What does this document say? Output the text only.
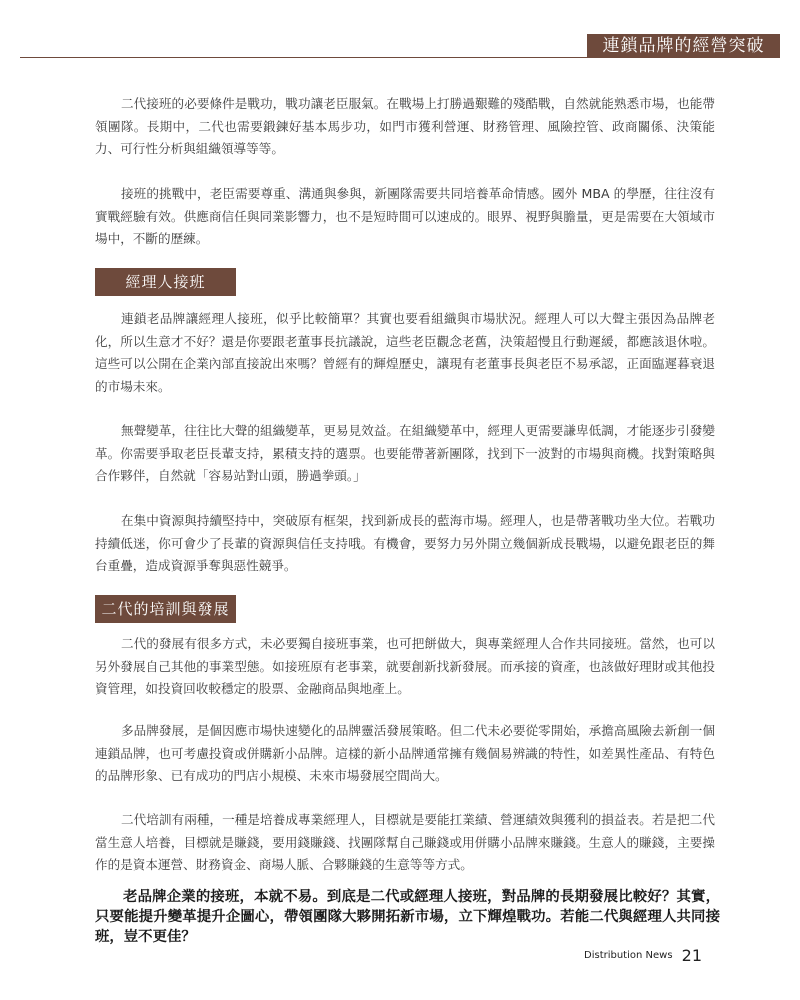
連鎖品牌的經營突破

二代接班的必要條件是戰功，戰功讓老臣服氣。在戰場上打勝過艱難的殘酷戰，自然就能熟悉市場，也能帶領團隊。長期中，二代也需要鍛鍊好基本馬步功，如門市獲利營運、財務管理、風險控管、政商關係、決策能力、可行性分析與組織領導等等。

接班的挑戰中，老臣需要尊重、溝通與參與，新團隊需要共同培養革命情感。國外 MBA 的學歷，往往沒有實戰經驗有效。供應商信任與同業影響力，也不是短時間可以速成的。眼界、視野與膽量，更是需要在大領域市場中，不斷的歷練。

經理人接班

連鎖老品牌讓經理人接班，似乎比較簡單？其實也要看組織與市場狀況。經理人可以大聲主張因為品牌老化，所以生意才不好？還是你要跟老董事長抗議說，這些老臣觀念老舊，決策超慢且行動遲緩，都應該退休啦。這些可以公開在企業內部直接說出來嗎？曾經有的輝煌歷史，讓現有老董事長與老臣不易承認，正面臨遲暮衰退的市場未來。

無聲變革，往往比大聲的組織變革，更易見效益。在組織變革中，經理人更需要謙卑低調，才能逐步引發變革。你需要爭取老臣長輩支持，累積支持的選票。也要能帶著新團隊，找到下一波對的市場與商機。找對策略與合作夥伴，自然就「容易站對山頭，勝過拳頭。」

在集中資源與持續堅持中，突破原有框架，找到新成長的藍海市場。經理人，也是帶著戰功坐大位。若戰功持續低迷，你可會少了長輩的資源與信任支持哦。有機會，要努力另外開立幾個新成長戰場，以避免跟老臣的舞台重疊，造成資源爭奪與惡性競爭。

二代的培訓與發展

二代的發展有很多方式，未必要獨自接班事業，也可把餅做大，與專業經理人合作共同接班。當然，也可以另外發展自己其他的事業型態。如接班原有老事業，就要創新找新發展。而承接的資產，也該做好理財或其他投資管理，如投資回收較穩定的股票、金融商品與地產上。

多品牌發展，是個因應市場快速變化的品牌靈活發展策略。但二代未必要從零開始，承擔高風險去新創一個連鎖品牌，也可考慮投資或併購新小品牌。這樣的新小品牌通常擁有幾個易辨識的特性，如差異性產品、有特色的品牌形象、已有成功的門店小規模、未來市場發展空間尚大。

二代培訓有兩種，一種是培養成專業經理人，目標就是要能扛業績、營運績效與獲利的損益表。若是把二代當生意人培養，目標就是賺錢，要用錢賺錢、找團隊幫自己賺錢或用併購小品牌來賺錢。生意人的賺錢，主要操作的是資本運營、財務資金、商場人脈、合夥賺錢的生意等等方式。

老品牌企業的接班，本就不易。到底是二代或經理人接班，對品牌的長期發展比較好？其實，只要能提升變革提升企圖心，帶領團隊大夥開拓新市場，立下輝煌戰功。若能二代與經理人共同接班，豈不更佳？

Distribution News 21
